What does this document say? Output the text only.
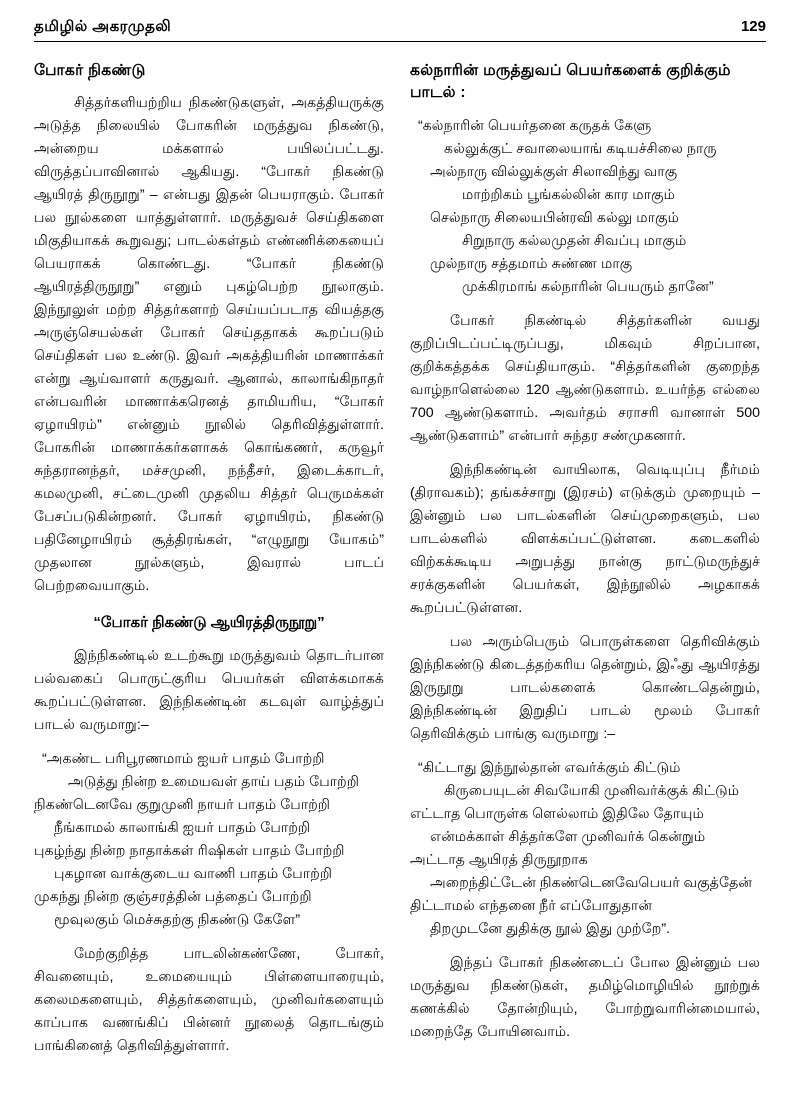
தமிழில் அகரமுதலி	129
போகர் நிகண்டு

சித்தர்களியற்றிய நிகண்டுகளுள், அகத்தியருக்கு அடுத்த நிலையில் போகரின் மருத்துவ நிகண்டு, அன்றைய மக்களால் பயிலப்பட்டது. விருத்தப்பாவினால் ஆகியது. “போகர் நிகண்டு ஆயிரத் திருநூறு” – என்பது இதன் பெயராகும். போகர் பல நூல்களை யாத்துள்ளார். மருத்துவச் செய்திகளை மிகுதியாகக் கூறுவது; பாடல்கள்தம் எண்ணிக்கையைப் பெயராகக் கொண்டது. “போகர் நிகண்டு ஆயிரத்திருநூறு” எனும் புகழ்பெற்ற நூலாகும். இந்நூலுள் மற்ற சித்தர்களாற் செய்யப்படாத வியத்தகு அருஞ்செயல்கள் போகர் செய்ததாகக் கூறப்படும் செய்திகள் பல உண்டு. இவர் அகத்தியரின் மாணாக்கர் என்று ஆய்வாளர் கருதுவர். ஆனால், காலாங்கிநாதர் என்பவரின் மாணாக்கரெனத் தாமியரிய, “போகர் ஏழாயிரம்” என்னும் நூலில் தெரிவித்துள்ளார். போகரின் மாணாக்கர்களாகக் கொங்கணர், கருவூர் சுந்தரானந்தர், மச்சமுனி, நந்தீசர், இடைக்காடர், கமலமுனி, சட்டைமுனி முதலிய சித்தர் பெருமக்கள் பேசப்படுகின்றனர். போகர் ஏழாயிரம், நிகண்டு பதினேழாயிரம் சூத்திரங்கள், “எழுநூறு யோகம்” முதலான நூல்களும், இவரால் பாடப் பெற்றவையாகும்.

“போகர் நிகண்டு ஆயிரத்திருநூறு”

இந்நிகண்டில் உடற்கூறு மருத்துவம் தொடர்பான பல்வகைப் பொருட்குரிய பெயர்கள் விளக்கமாகக் கூறப்பட்டுள்ளன. இந்நிகண்டின் கடவுள் வாழ்த்துப் பாடல் வருமாறு:–

“அகண்ட பரிபூரணமாம் ஐயர் பாதம் போற்றி
அடுத்து நின்ற உமையவள் தாய் பதம் போற்றி
நிகண்டெனவே குறுமுனி நாயர் பாதம் போற்றி
நீங்காமல் காலாங்கி ஐயர் பாதம் போற்றி
புகழ்ந்து நின்ற நாதாக்கள் ரிஷிகள் பாதம் போற்றி
புகழான வாக்குடைய வாணி பாதம் போற்றி
முகந்து நின்ற குஞ்சரத்தின் பத்தைப் போற்றி
மூவுலகும் மெச்சுதற்கு நிகண்டு கேளே”

மேற்குறித்த பாடலின்கண்ணே, போகர், சிவனையும், உமையையும் பிள்ளையாரையும், கலைமகளையும், சித்தர்களையும், முனிவர்களையும் காப்பாக வணங்கிப் பின்னர் நூலைத் தொடங்கும் பாங்கினைத் தெரிவித்துள்ளார்.

கல்நாரின் மருத்துவப் பெயர்களைக் குறிக்கும் பாடல் :
“கல்நாரின் பெயர்தனை கருதக் கேளு
கல்லுக்குட் சவாலையாங் கடியச்சிலை நாரு
அல்நாரு வில்லுக்குள் சிலாவிந்து வாகு
மாற்றிகம் பூங்கல்லின் கார மாகும்
செல்நாரு சிலையபின்ரவி கல்லு மாகும்
சிறுநாரு கல்லமுதன் சிவப்பு மாகும்
முல்நாரு சத்தமாம் சுண்ண மாகு
முக்கிரமாங் கல்நாரின் பெயரும் தானே”

போகர் நிகண்டில் சித்தர்களின் வயது குறிப்பிடப்பட்டிருப்பது, மிகவும் சிறப்பான, குறிக்கத்தக்க செய்தியாகும். “சித்தர்களின் குறைந்த வாழ்நாளெல்லை 120 ஆண்டுகளாம். உயர்ந்த எல்லை 700 ஆண்டுகளாம். அவர்தம் சராசரி வானாள் 500 ஆண்டுகளாம்” என்பார் சுந்தர சண்முகனார்.

இந்நிகண்டின் வாயிலாக, வெடியுப்பு நீர்மம் (திராவகம்); தங்கச்சாறு (இரசம்) எடுக்கும் முறையும் – இன்னும் பல பாடல்களின் செய்முறைகளும், பல பாடல்களில் விளக்கப்பட்டுள்ளன. கடைகளில் விற்கக்கூடிய அறுபத்து நான்கு நாட்டுமருந்துச் சரக்குகளின் பெயர்கள், இந்நூலில் அழகாகக் கூறப்பட்டுள்ளன.

பல அரும்பெரும் பொருள்களை தெரிவிக்கும் இந்நிகண்டு கிடைத்தற்கரிய தென்றும், இஃது ஆயிரத்து இருநூறு பாடல்களைக் கொண்டதென்றும், இந்நிகண்டின் இறுதிப் பாடல் மூலம் போகர் தெரிவிக்கும் பாங்கு வருமாறு :–

“கிட்டாது இந்நூல்தான் எவர்க்கும் கிட்டும்
கிருபையுடன் சிவயோகி முனிவர்க்குக் கிட்டும்
எட்டாத பொருள்க ளெல்லாம் இதிலே தோயும்
என்மக்காள் சித்தர்களே முனிவர்க் கென்றும்
அட்டாத ஆயிரத் திருநூறாக
அறைந்திட்டேன் நிகண்டெனவேபெயர் வகுத்தேன்
திட்டாமல் எந்தனை நீர் எப்போதுதான்
திறமுடனே துதிக்கு நூல் இது முற்றே”.

இந்தப் போகர் நிகண்டைப் போல இன்னும் பல மருத்துவ நிகண்டுகள், தமிழ்மொழியில் நூற்றுக் கணக்கில் தோன்றியும், போற்றுவாரின்மையால், மறைந்தே போயினவாம்.
